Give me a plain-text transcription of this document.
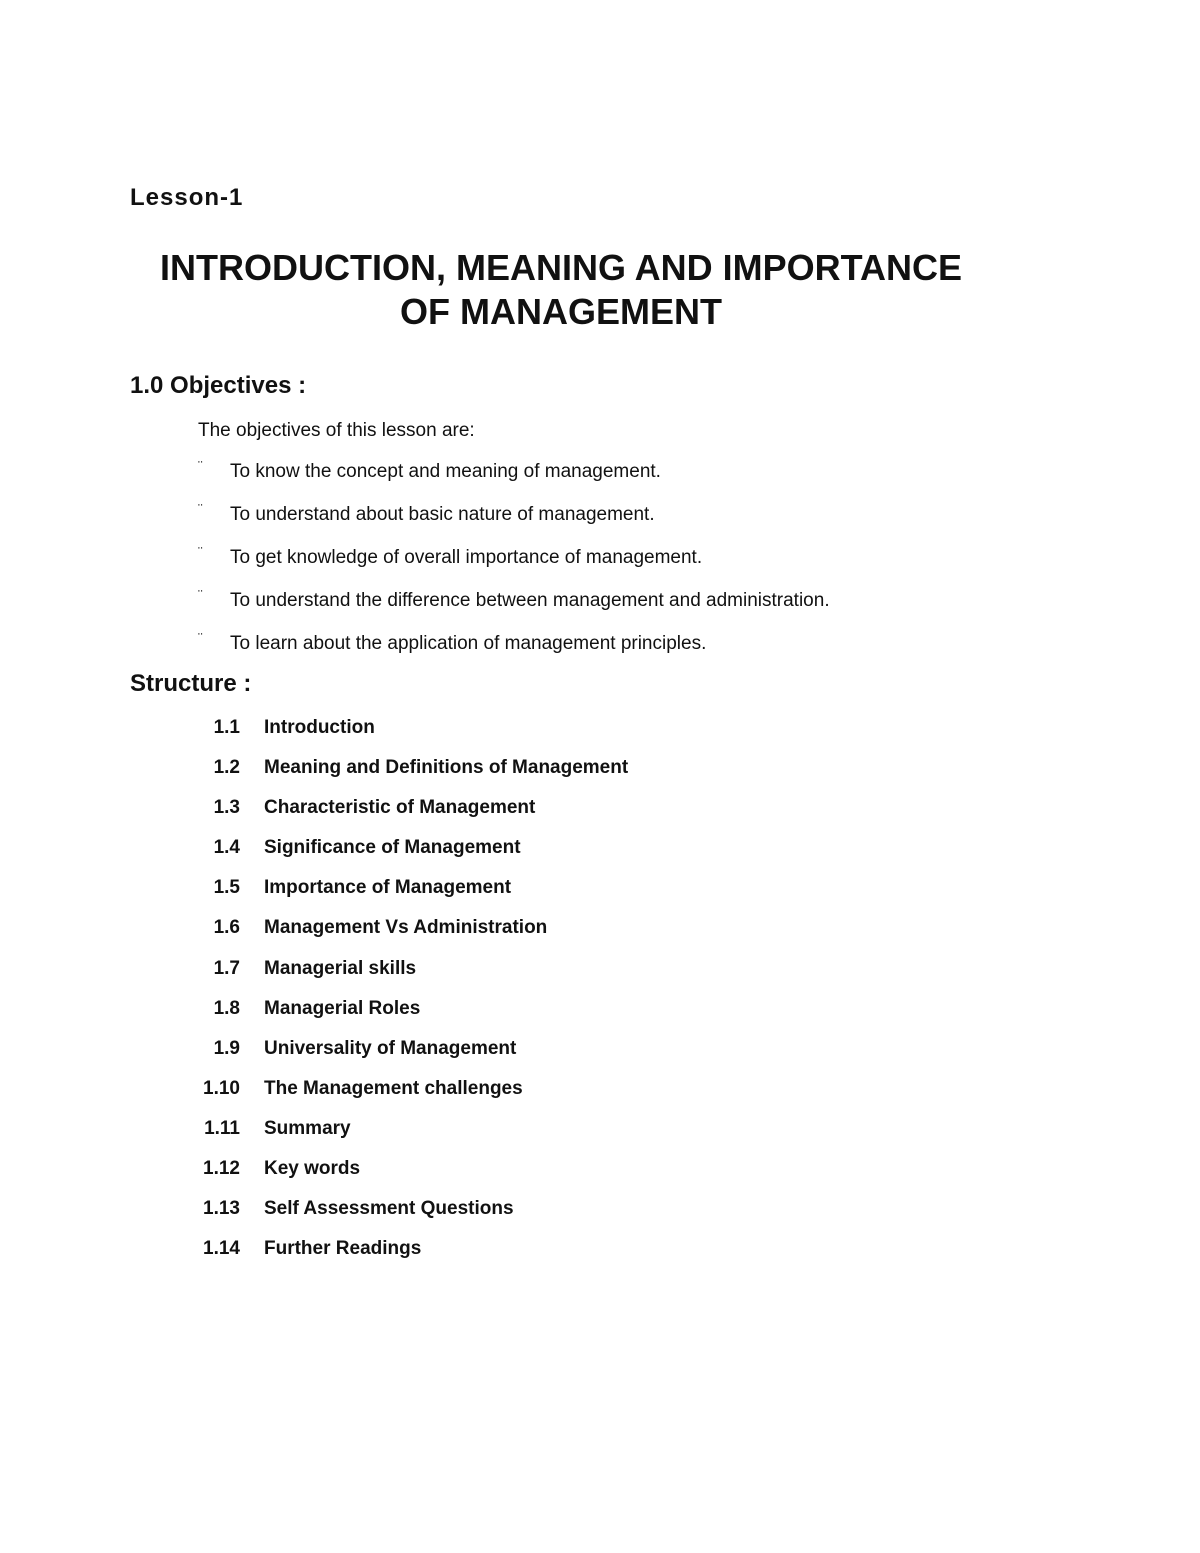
Lesson-1
INTRODUCTION, MEANING AND IMPORTANCE
OF MANAGEMENT
1.0 Objectives :

The objectives of this lesson are:

¨ To know the concept and meaning of management.
¨ To understand about basic nature of management.
¨ To get knowledge of overall importance of management.
¨ To understand the difference between management and administration.
¨ To learn about the application of management principles.
Structure :
1.1 Introduction
1.2 Meaning and Definitions of Management
1.3 Characteristic of Management
1.4 Significance of Management
1.5 Importance of Management
1.6 Management Vs Administration
1.7 Managerial skills
1.8 Managerial Roles
1.9 Universality of Management
1.10 The Management challenges
1.11 Summary
1.12 Key words
1.13 Self Assessment Questions
1.14 Further Readings
